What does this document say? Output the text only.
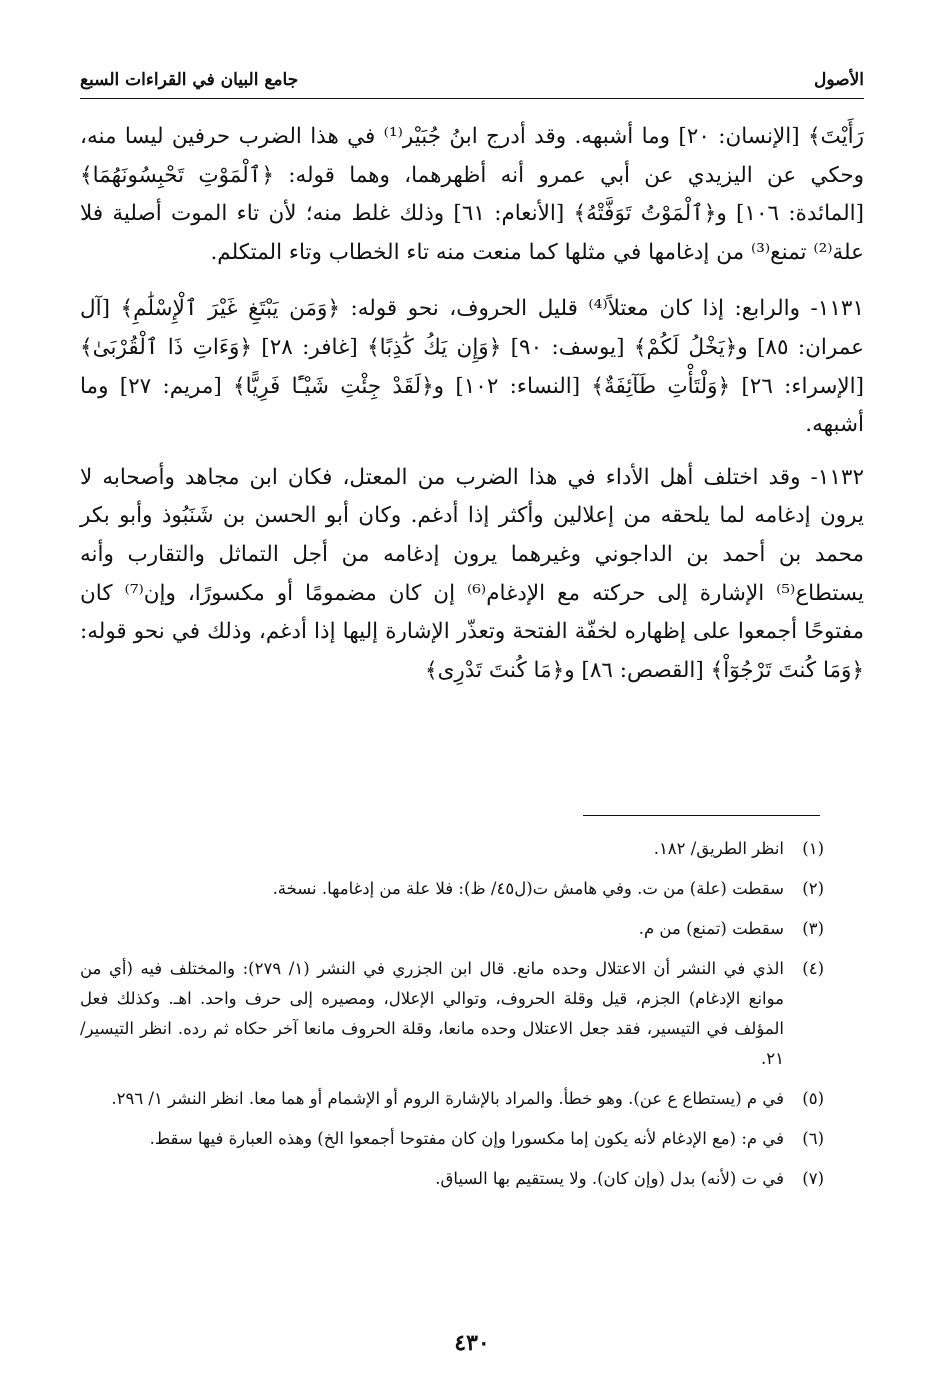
الأصول
جامع البيان في القراءات السبع

رَأَيْتَ﴾ [الإنسان: ٢٠] وما أشبهه. وقد أدرج ابنُ جُبَيْر⁽¹⁾ في هذا الضرب حرفين ليسا منه، وحكي عن اليزيدي عن أبي عمرو أنه أظهرهما، وهما قوله: ﴿ٱلْمَوْتِ تَحْبِسُونَهُمَا﴾ [المائدة: ١٠٦] و﴿ٱلْمَوْتُ تَوَفَّتْهُ﴾ [الأنعام: ٦١] وذلك غلط منه؛ لأن تاء الموت أصلية فلا علة⁽²⁾ تمنع⁽³⁾ من إدغامها في مثلها كما منعت منه تاء الخطاب وتاء المتكلم.

١١٣١- والرابع: إذا كان معتلاً⁽⁴⁾ قليل الحروف، نحو قوله: ﴿وَمَن يَبْتَغِ غَيْرَ ٱلْإِسْلَٰمِ﴾ [آل عمران: ٨٥] و﴿يَخْلُ لَكُمْ﴾ [يوسف: ٩٠] ﴿وَإِن يَكُ كَٰذِبًا﴾ [غافر: ٢٨] ﴿وَءَاتِ ذَا ٱلْقُرْبَىٰ﴾ [الإسراء: ٢٦] ﴿وَلْتَأْتِ طَآئِفَةٌ﴾ [النساء: ١٠٢] و﴿لَقَدْ جِئْتِ شَيْـًٔا فَرِيًّا﴾ [مريم: ٢٧] وما أشبهه.

١١٣٢- وقد اختلف أهل الأداء في هذا الضرب من المعتل، فكان ابن مجاهد وأصحابه لا يرون إدغامه لما يلحقه من إعلالين وأكثر إذا أدغم. وكان أبو الحسن بن شَنَبُوذ وأبو بكر محمد بن أحمد بن الداجوني وغيرهما يرون إدغامه من أجل التماثل والتقارب وأنه يستطاع⁽⁵⁾ الإشارة إلى حركته مع الإدغام⁽⁶⁾ إن كان مضمومًا أو مكسورًا، وإن⁽⁷⁾ كان مفتوحًا أجمعوا على إظهاره لخفّة الفتحة وتعذّر الإشارة إليها إذا أدغم، وذلك في نحو قوله: ﴿وَمَا كُنتَ تَرْجُوٓاْ﴾ [القصص: ٨٦] و﴿مَا كُنتَ تَدْرِى﴾

(١)
انظر الطريق/ ١٨٢.
(٢)
سقطت (علة) من ت. وفي هامش ت(ل٤٥/ ظ): فلا علة من إدغامها. نسخة.
(٣)
سقطت (تمنع) من م.
(٤)
الذي في النشر أن الاعتلال وحده مانع. قال ابن الجزري في النشر (١/ ٢٧٩): والمختلف فيه (أي من موانع الإدغام) الجزم، قيل وقلة الحروف، وتوالي الإعلال، ومصيره إلى حرف واحد. اهـ. وكذلك فعل المؤلف في التيسير، فقد جعل الاعتلال وحده مانعا، وقلة الحروف مانعا آخر حكاه ثم رده. انظر التيسير/ ٢١.
(٥)
في م (يستطاع ع عن). وهو خطأ. والمراد بالإشارة الروم أو الإشمام أو هما معا. انظر النشر ١/ ٢٩٦.
(٦)
في م: (مع الإدغام لأنه يكون إما مكسورا وإن كان مفتوحا أجمعوا الخ) وهذه العبارة فيها سقط.
(٧)
في ت (لأنه) بدل (وإن كان). ولا يستقيم بها السياق.
٤٣٠
